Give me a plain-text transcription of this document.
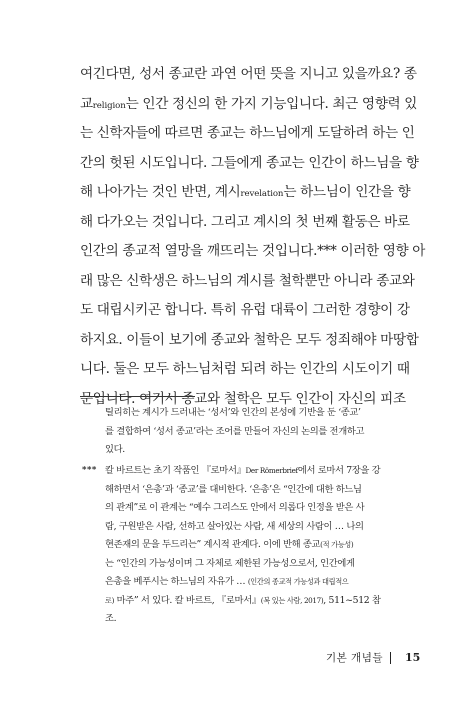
여긴다면, 성서 종교란 과연 어떤 뜻을 지니고 있을까요? 종
교religion는 인간 정신의 한 가지 기능입니다. 최근 영향력 있
는 신학자들에 따르면 종교는 하느님에게 도달하려 하는 인
간의 헛된 시도입니다. 그들에게 종교는 인간이 하느님을 향
해 나아가는 것인 반면, 계시revelation는 하느님이 인간을 향
해 다가오는 것입니다. 그리고 계시의 첫 번째 활동은 바로
인간의 종교적 열망을 깨뜨리는 것입니다.*** 이러한 영향 아
래 많은 신학생은 하느님의 계시를 철학뿐만 아니라 종교와
도 대립시키곤 합니다. 특히 유럽 대륙이 그러한 경향이 강
하지요. 이들이 보기에 종교와 철학은 모두 정죄해야 마땅합
니다. 둘은 모두 하느님처럼 되려 하는 인간의 시도이기 때
문입니다. 여기서 종교와 철학은 모두 인간이 자신의 피조
틸리히는 계시가 드러내는 ‘성서’와 인간의 본성에 기반을 둔 ‘종교’
를 결합하여 ‘성서 종교’라는 조어를 만들어 자신의 논의를 전개하고
있다.
*** 칼 바르트는 초기 작품인 『로마서』Der Römerbrief에서 로마서 7장을 강
해하면서 ‘은총’과 ‘종교’를 대비한다. ‘은총’은 “인간에 대한 하느님
의 관계”로 이 관계는 “예수 그리스도 안에서 의롭다 인정을 받은 사
람, 구원받은 사람, 선하고 살아있는 사람, 새 세상의 사람이 … 나의
현존재의 문을 두드리는” 계시적 관계다. 이에 반해 종교(적 가능성)
는 “인간의 가능성이며 그 자체로 제한된 가능성으로서, 인간에게
은총을 베푸시는 하느님의 자유가 … (인간의 종교적 가능성과 대립적으
로) 마주” 서 있다. 칼 바르트, 『로마서』(복 있는 사람, 2017), 511~512 참
조.
기본 개념들 15
